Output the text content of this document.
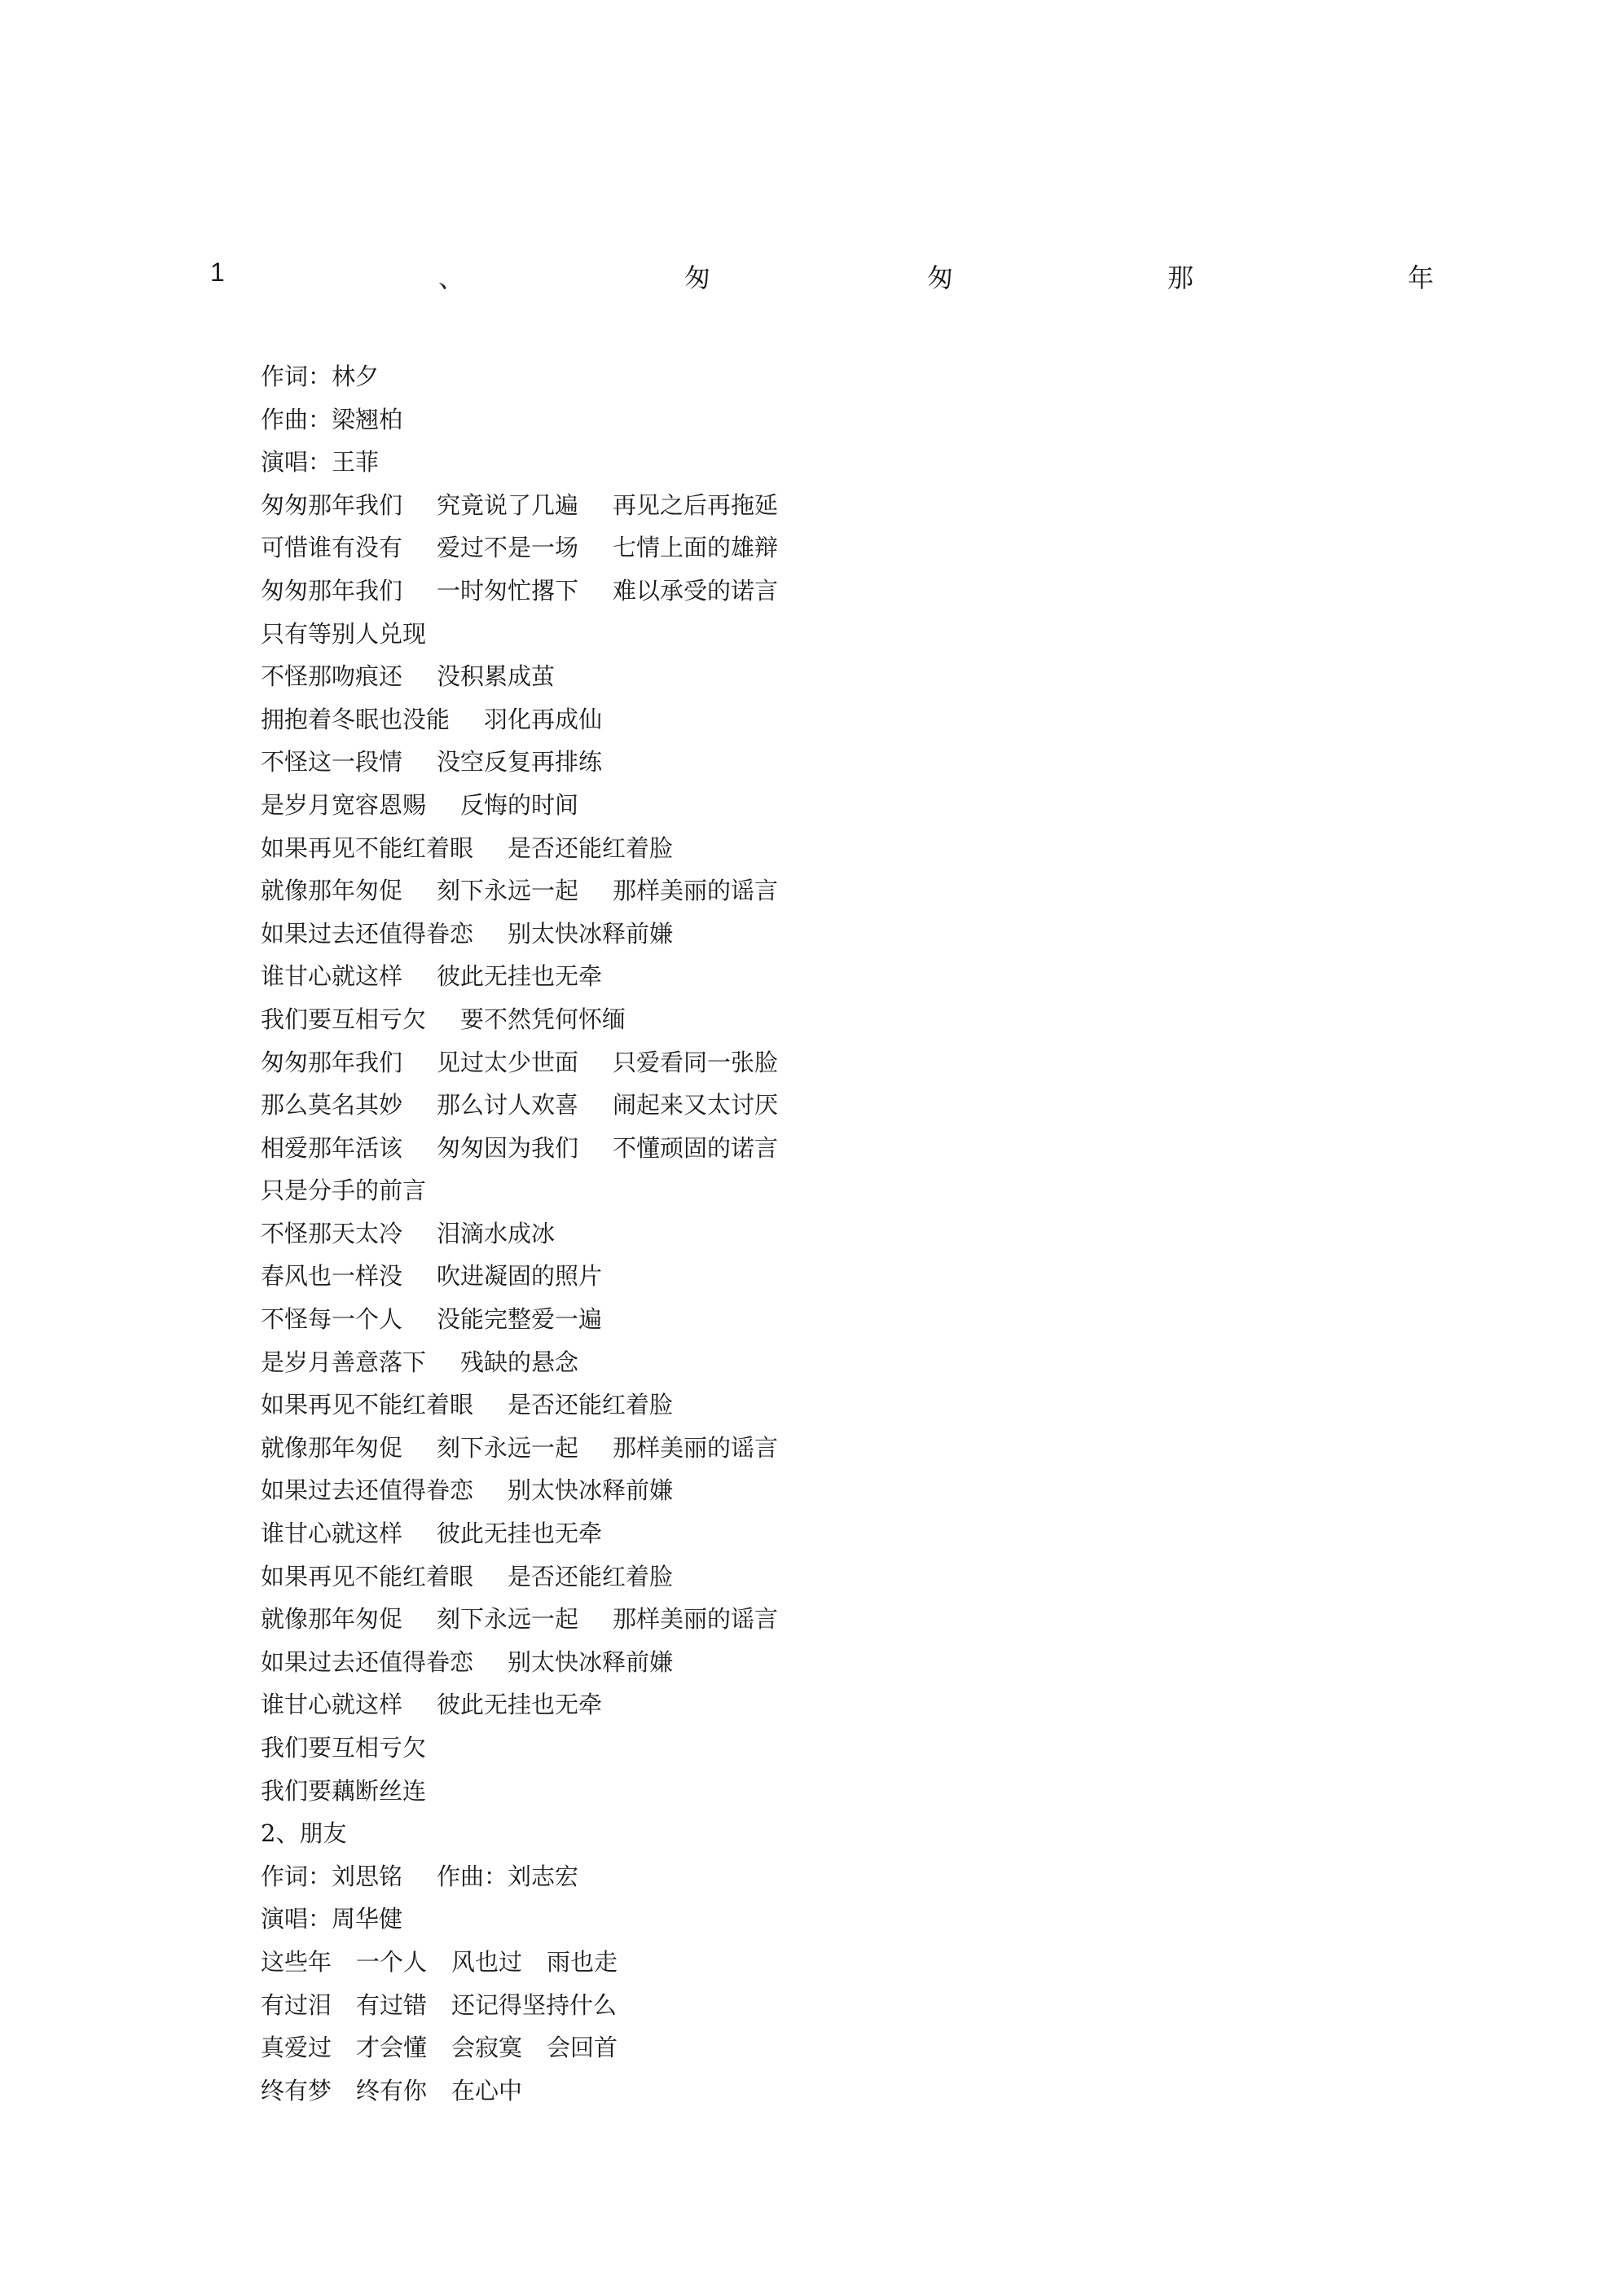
1	、	匆	匆	那	年
作词：林夕
作曲：梁翘柏
演唱：王菲
匆匆那年我们 究竟说了几遍 再见之后再拖延
可惜谁有没有 爱过不是一场 七情上面的雄辩
匆匆那年我们 一时匆忙撂下 难以承受的诺言
只有等别人兑现
不怪那吻痕还 没积累成茧
拥抱着冬眠也没能 羽化再成仙
不怪这一段情 没空反复再排练
是岁月宽容恩赐 反悔的时间
如果再见不能红着眼 是否还能红着脸
就像那年匆促 刻下永远一起 那样美丽的谣言
如果过去还值得眷恋 别太快冰释前嫌
谁甘心就这样 彼此无挂也无牵
我们要互相亏欠 要不然凭何怀缅
匆匆那年我们 见过太少世面 只爱看同一张脸
那么莫名其妙 那么讨人欢喜 闹起来又太讨厌
相爱那年活该 匆匆因为我们 不懂顽固的诺言
只是分手的前言
不怪那天太冷 泪滴水成冰
春风也一样没 吹进凝固的照片
不怪每一个人 没能完整爱一遍
是岁月善意落下 残缺的悬念
如果再见不能红着眼 是否还能红着脸
就像那年匆促 刻下永远一起 那样美丽的谣言
如果过去还值得眷恋 别太快冰释前嫌
谁甘心就这样 彼此无挂也无牵
如果再见不能红着眼 是否还能红着脸
就像那年匆促 刻下永远一起 那样美丽的谣言
如果过去还值得眷恋 别太快冰释前嫌
谁甘心就这样 彼此无挂也无牵
我们要互相亏欠
我们要藕断丝连
2、朋友
作词：刘思铭 作曲：刘志宏
演唱：周华健
这些年 一个人 风也过 雨也走
有过泪 有过错 还记得坚持什么
真爱过 才会懂 会寂寞 会回首
终有梦 终有你 在心中
